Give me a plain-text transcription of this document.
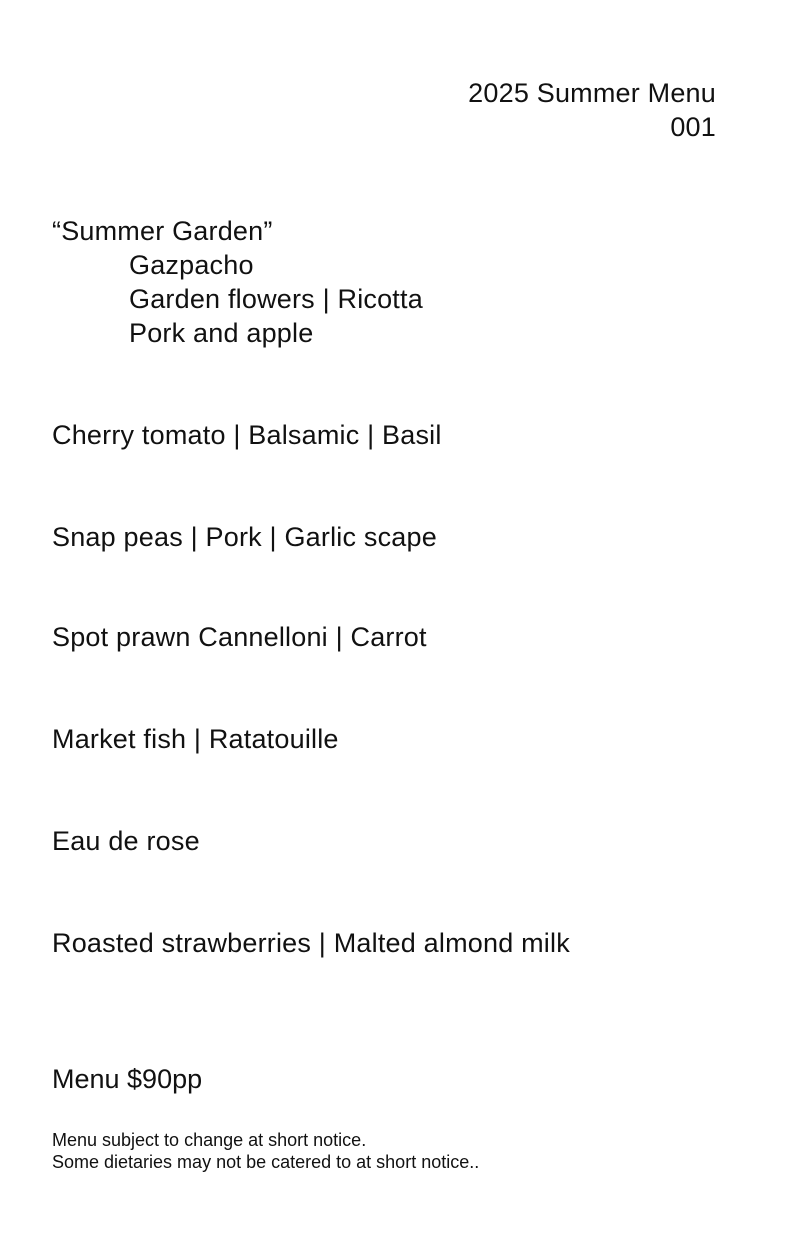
2025 Summer Menu
001
“Summer Garden”
Gazpacho
Garden flowers | Ricotta
Pork and apple
Cherry tomato | Balsamic | Basil
Snap peas | Pork | Garlic scape
Spot prawn Cannelloni | Carrot
Market fish | Ratatouille
Eau de rose
Roasted strawberries | Malted almond milk
Menu $90pp
Menu subject to change at short notice.
Some dietaries may not be catered to at short notice..
